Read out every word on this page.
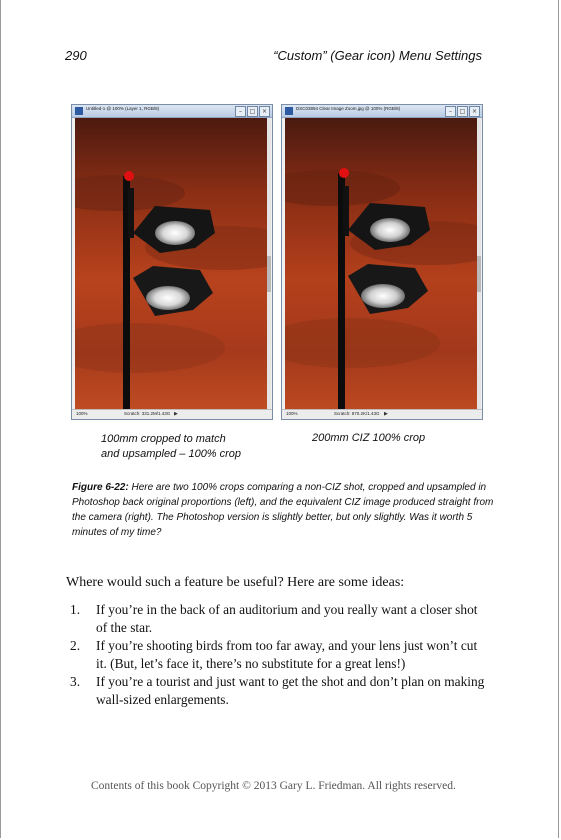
290	“Custom” (Gear icon) Menu Settings
Untitled-1 @ 100% (Layer 1, RGB/8)	–	□	×
100%	Scratch: 331.2M/1.43G ▶
DSC03894 Clear Image Zoom.jpg @ 100% (RGB/8)	–	□	×
100%	Scratch: 870.2K/1.43G ▶
100mm cropped to match
and upsampled – 100% crop
200mm CIZ 100% crop
Figure 6-22: Here are two 100% crops comparing a non-CIZ shot, cropped and upsampled in Photoshop back original proportions (left), and the equivalent CIZ image produced straight from the camera (right). The Photoshop version is slightly better, but only slightly. Was it worth 5 minutes of my time?
Where would such a feature be useful? Here are some ideas:
1. If you’re in the back of an auditorium and you really want a closer shot of the star.
2. If you’re shooting birds from too far away, and your lens just won’t cut it. (But, let’s face it, there’s no substitute for a great lens!)
3. If you’re a tourist and just want to get the shot and don’t plan on making wall-sized enlargements.
Contents of this book Copyright © 2013 Gary L. Friedman. All rights reserved.
